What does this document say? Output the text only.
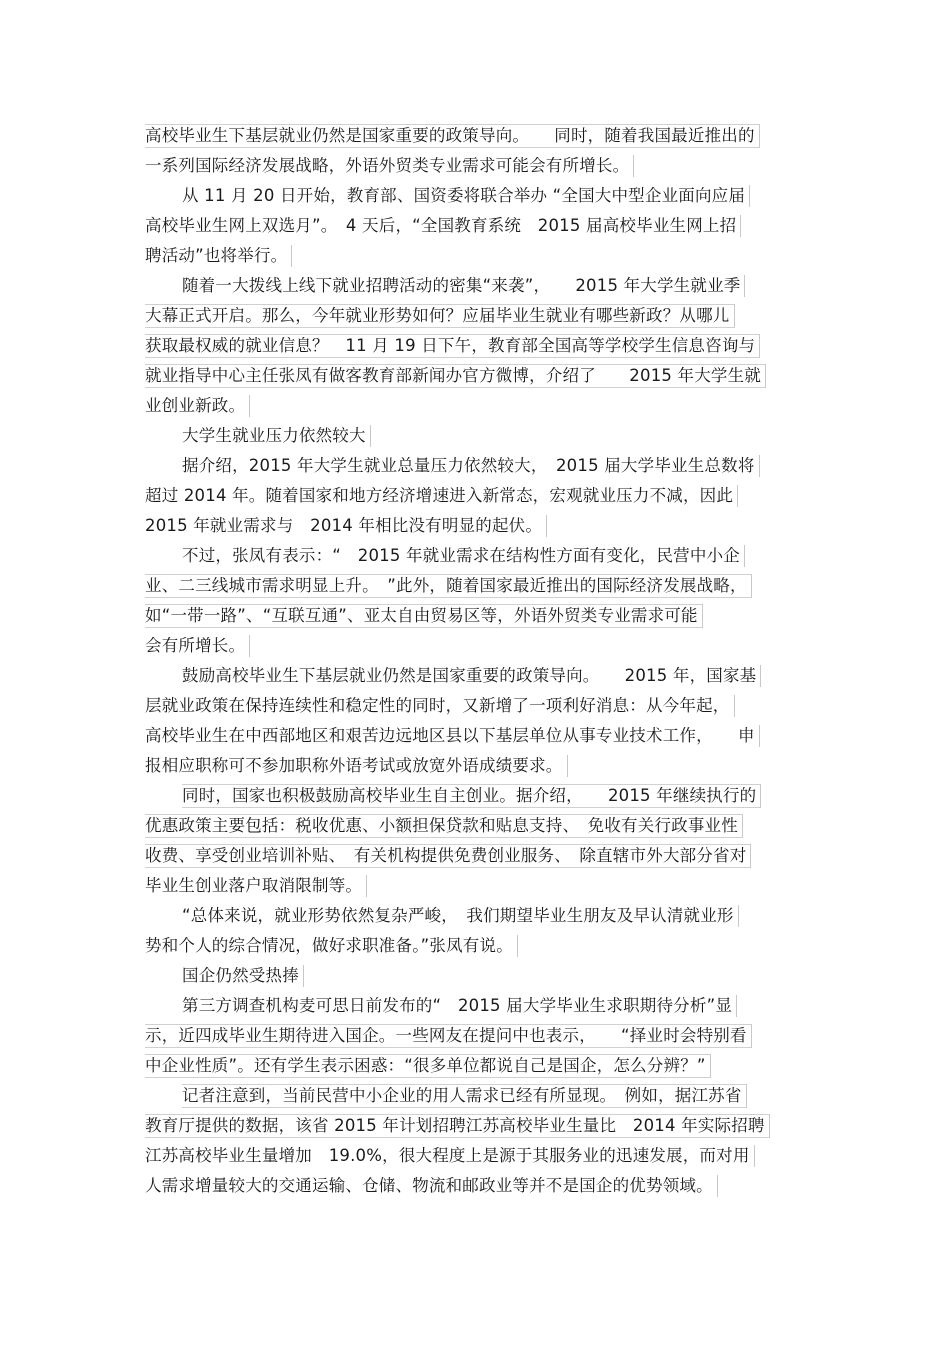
高校毕业生下基层就业仍然是国家重要的政策导向。　　同时，随着我国最近推出的
一系列国际经济发展战略，外语外贸类专业需求可能会有所增长。
从 11 月 20 日开始，教育部、国资委将联合举办 “全国大中型企业面向应届
高校毕业生网上双选月”。　4 天后，“全国教育系统　2015 届高校毕业生网上招
聘活动”也将举行。
随着一大拨线上线下就业招聘活动的密集“来袭”，　　2015 年大学生就业季
大幕正式开启。那么，今年就业形势如何？应届毕业生就业有哪些新政？从哪儿
获取最权威的就业信息？　11 月 19 日下午，教育部全国高等学校学生信息咨询与
就业指导中心主任张凤有做客教育部新闻办官方微博，介绍了　　2015 年大学生就
业创业新政。
大学生就业压力依然较大
据介绍，2015 年大学生就业总量压力依然较大，　2015 届大学毕业生总数将
超过 2014 年。随着国家和地方经济增速进入新常态，宏观就业压力不减，因此
2015 年就业需求与　2014 年相比没有明显的起伏。
不过，张凤有表示：“　2015 年就业需求在结构性方面有变化，民营中小企
业、二三线城市需求明显上升。　”此外，随着国家最近推出的国际经济发展战略，
如“一带一路”、“互联互通”、亚太自由贸易区等，外语外贸类专业需求可能
会有所增长。
鼓励高校毕业生下基层就业仍然是国家重要的政策导向。　　2015 年，国家基
层就业政策在保持连续性和稳定性的同时，又新增了一项利好消息：从今年起，
高校毕业生在中西部地区和艰苦边远地区县以下基层单位从事专业技术工作，　　申
报相应职称可不参加职称外语考试或放宽外语成绩要求。
同时，国家也积极鼓励高校毕业生自主创业。据介绍，　　2015 年继续执行的
优惠政策主要包括：税收优惠、小额担保贷款和贴息支持、　免收有关行政事业性
收费、享受创业培训补贴、　有关机构提供免费创业服务、　除直辖市外大部分省对
毕业生创业落户取消限制等。
“总体来说，就业形势依然复杂严峻，　我们期望毕业生朋友及早认清就业形
势和个人的综合情况，做好求职准备。”张凤有说。
国企仍然受热捧
第三方调查机构麦可思日前发布的“　2015 届大学毕业生求职期待分析”显
示，近四成毕业生期待进入国企。一些网友在提问中也表示，　　“择业时会特别看
中企业性质”。还有学生表示困惑：“很多单位都说自己是国企，怎么分辨？”
记者注意到，当前民营中小企业的用人需求已经有所显现。　例如，据江苏省
教育厅提供的数据，该省 2015 年计划招聘江苏高校毕业生量比　2014 年实际招聘
江苏高校毕业生量增加　19.0%，很大程度上是源于其服务业的迅速发展，而对用
人需求增量较大的交通运输、仓储、物流和邮政业等并不是国企的优势领域。
